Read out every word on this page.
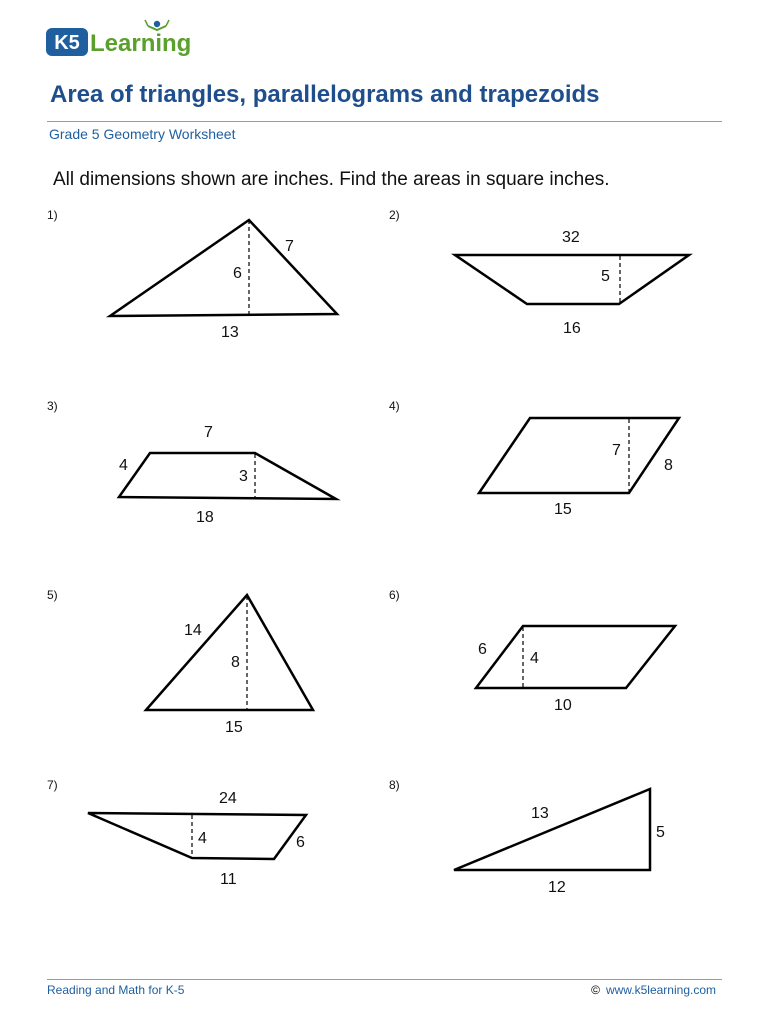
K5 Learning
Area of triangles, parallelograms and trapezoids
Grade 5 Geometry Worksheet
All dimensions shown are inches. Find the areas in square inches.
1)
7
6
13
2)
32
5
16
3)
7
4
3
18
4)
7
8
15
5)
14
8
15
6)
6
4
10
7)
24
4	6
11
8)
13
5
12
Reading and Math for K-5	© www.k5learning.com
